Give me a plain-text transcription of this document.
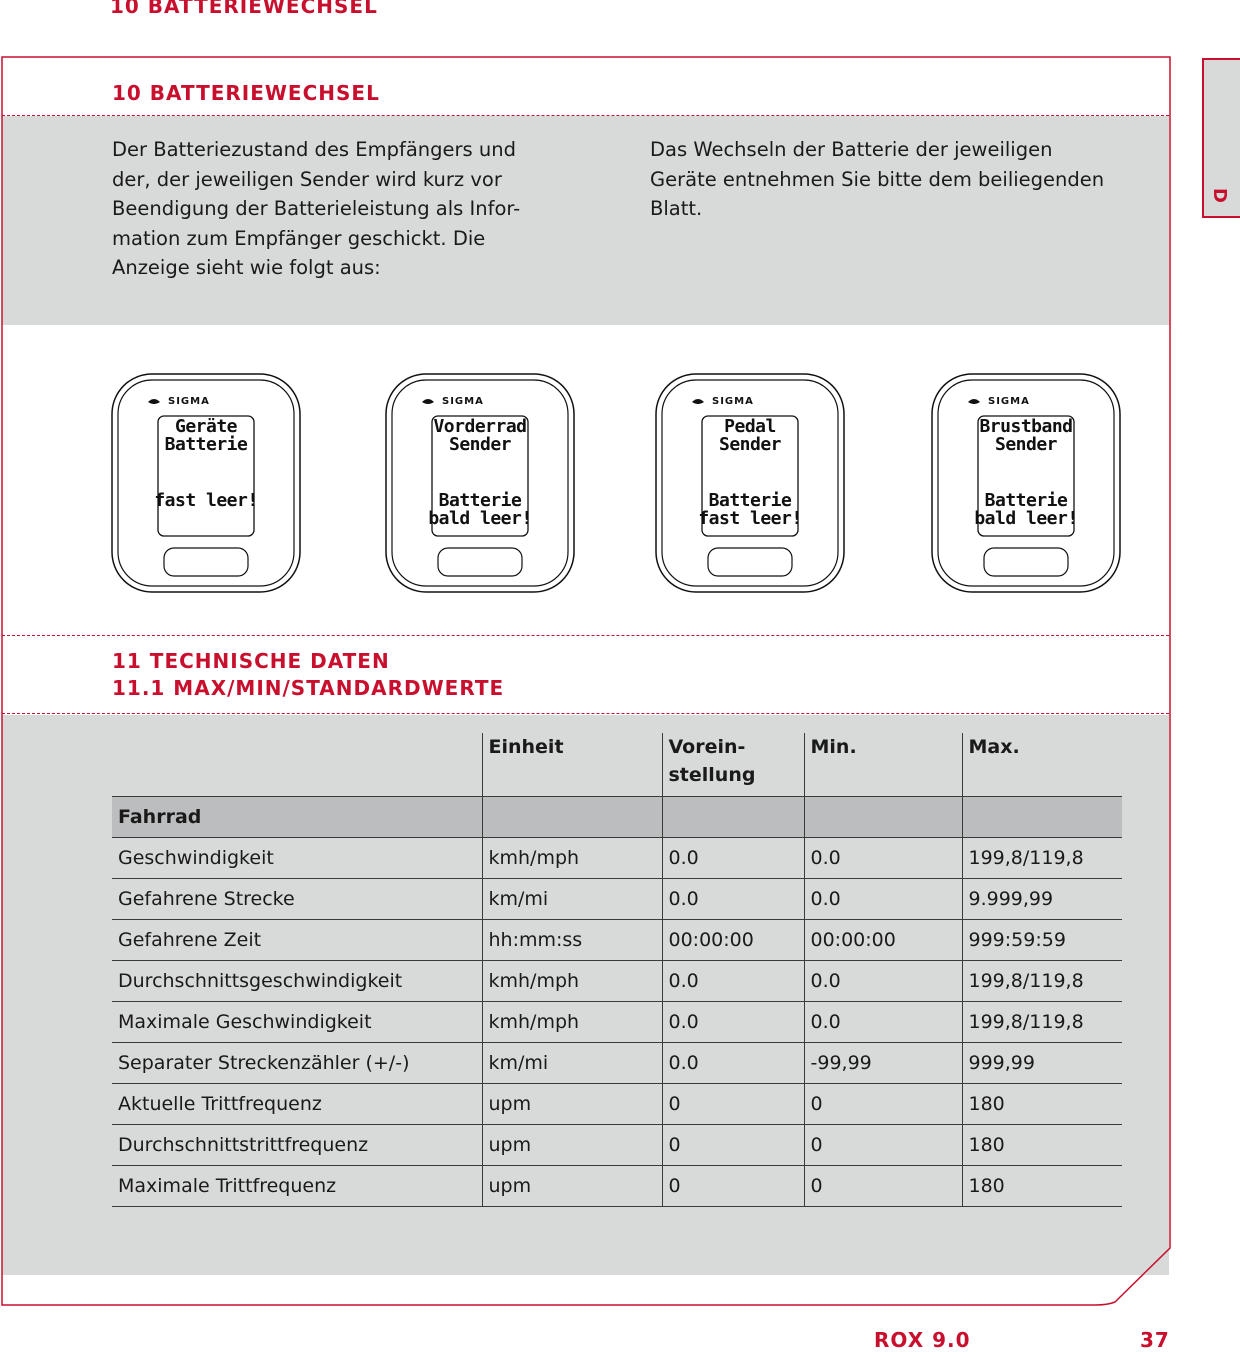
10 BATTERIEWECHSEL
D
10 BATTERIEWECHSEL
Der Batteriezustand des Empfängers und
der, der jeweiligen Sender wird kurz vor
Beendigung der Batterieleistung als Infor-
mation zum Empfänger geschickt. Die
Anzeige sieht wie folgt aus:
Das Wechseln der Batterie der jeweiligen
Geräte entnehmen Sie bitte dem beiliegenden
Blatt.
SIGMA
Geräte
Batterie
fast leer!
SIGMA
Vorderrad
Sender
Batterie
bald leer!
SIGMA
Pedal
Sender
Batterie
fast leer!
SIGMA
Brustband
Sender
Batterie
bald leer!
11 TECHNISCHE DATEN
11.1 MAX/MIN/STANDARDWERTE
	Einheit	Vorein-
stellung	Min.	Max.
Fahrrad				
Geschwindigkeit	kmh/mph	0.0	0.0	199,8/119,8
Gefahrene Strecke	km/mi	0.0	0.0	9.999,99
Gefahrene Zeit	hh:mm:ss	00:00:00	00:00:00	999:59:59
Durchschnittsgeschwindigkeit	kmh/mph	0.0	0.0	199,8/119,8
Maximale Geschwindigkeit	kmh/mph	0.0	0.0	199,8/119,8
Separater Streckenzähler (+/-)	km/mi	0.0	-99,99	999,99
Aktuelle Trittfrequenz	upm	0	0	180
Durchschnittstrittfrequenz	upm	0	0	180
Maximale Trittfrequenz	upm	0	0	180
ROX 9.0	37
